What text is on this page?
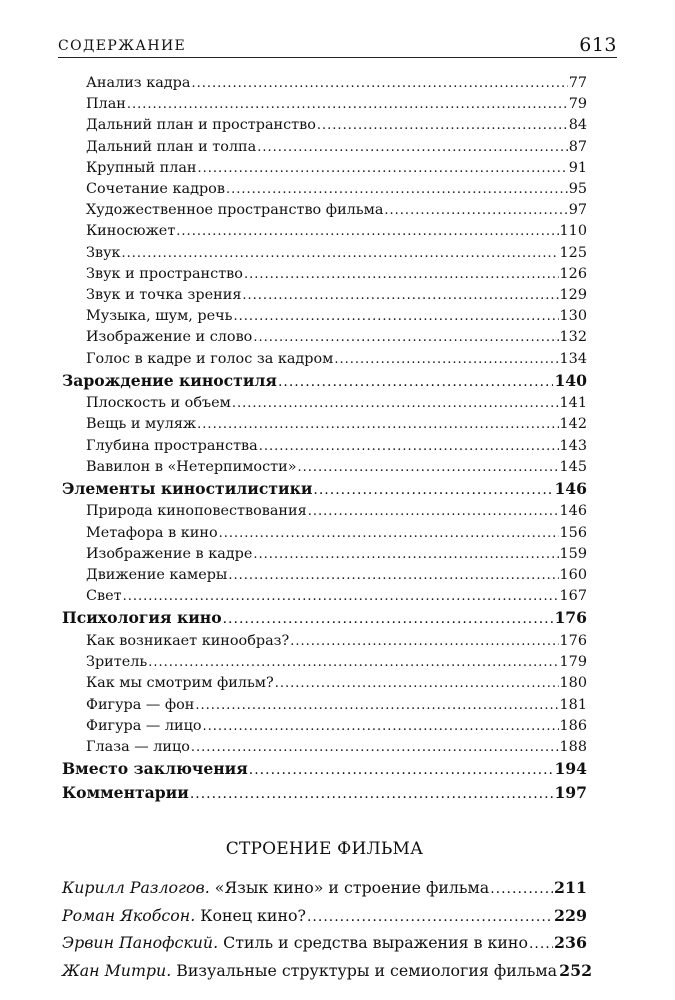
СОДЕРЖАНИЕ	613
Анализ кадра .....	77
План .....	79
Дальний план и пространство .....	84
Дальний план и толпа .....	87
Крупный план .....	91
Сочетание кадров .....	95
Художественное пространство фильма .....	97
Киносюжет .....	110
Звук .....	125
Звук и пространство .....	126
Звук и точка зрения .....	129
Музыка, шум, речь .....	130
Изображение и слово .....	132
Голос в кадре и голос за кадром .....	134
Зарождение киностиля .....	140
Плоскость и объем .....	141
Вещь и муляж .....	142
Глубина пространства .....	143
Вавилон в «Нетерпимости» .....	145
Элементы киностилистики .....	146
Природа киноповествования .....	146
Метафора в кино .....	156
Изображение в кадре .....	159
Движение камеры .....	160
Свет .....	167
Психология кино .....	176
Как возникает кинообраз? .....	176
Зритель .....	179
Как мы смотрим фильм? .....	180
Фигура — фон .....	181
Фигура — лицо .....	186
Глаза — лицо .....	188
Вместо заключения .....	194
Комментарии .....	197
СТРОЕНИЕ ФИЛЬМА
Кирилл Разлогов. «Язык кино» и строение фильма .....	211
Роман Якобсон. Конец кино? .....	229
Эрвин Панофский. Стиль и средства выражения в кино ..... 236
Жан Митри. Визуальные структуры и семиология фильма 252
